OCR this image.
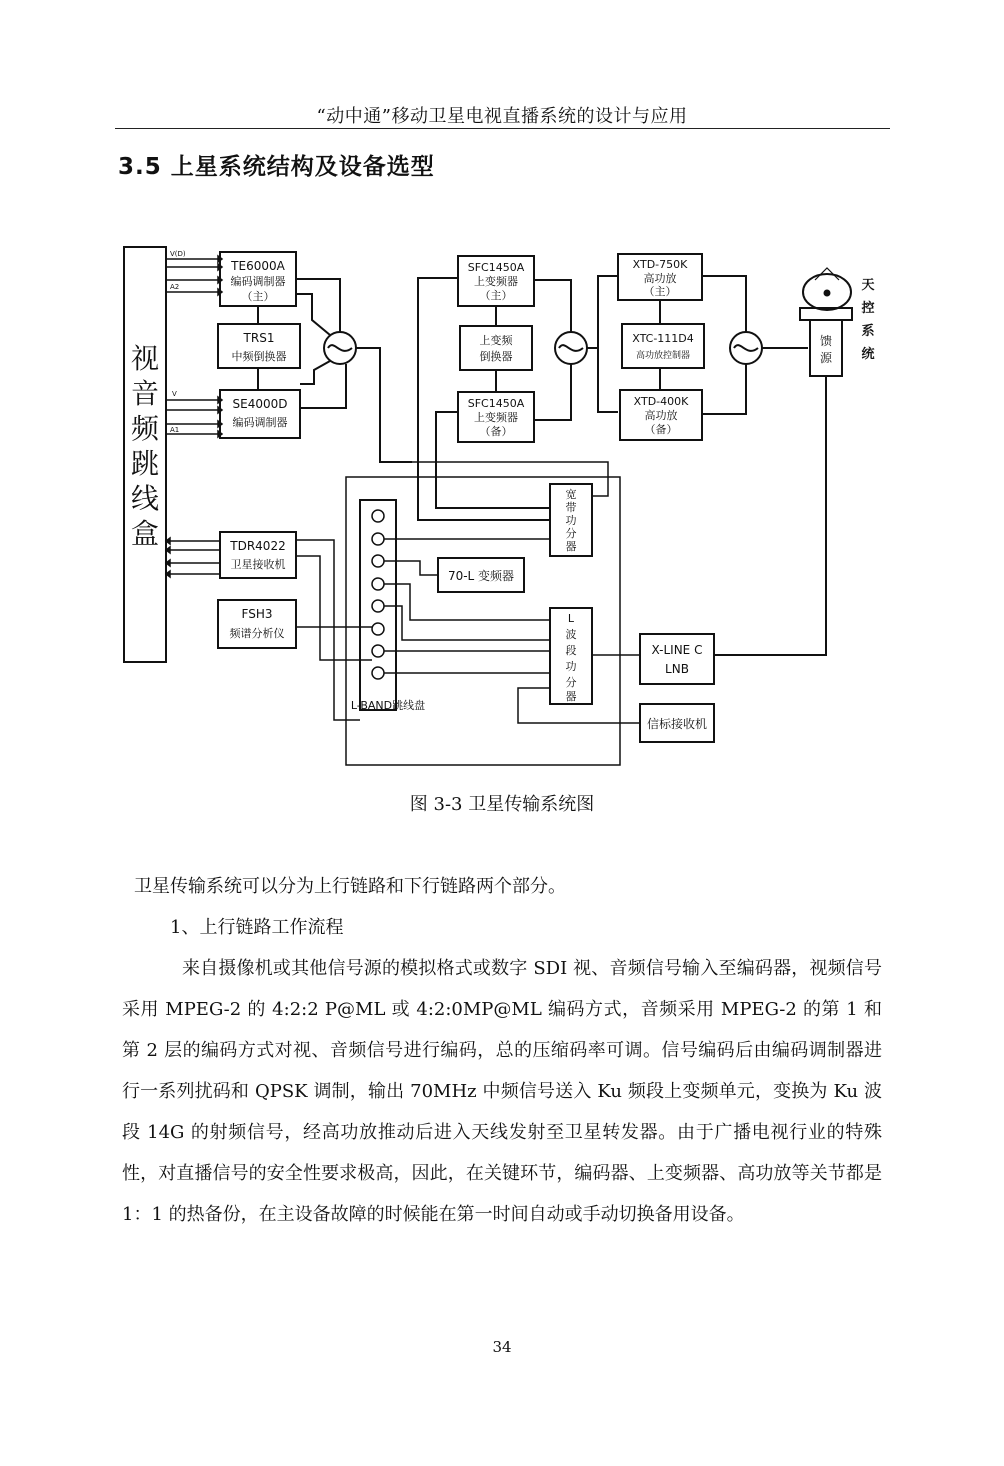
“动中通”移动卫星电视直播系统的设计与应用
3.5 上星系统结构及设备选型
视
音
频
跳
线
盒
V(D)
A2
V
A1
TE6000A
编码调制器
（主）
TRS1
中频倒换器
SE4000D
编码调制器
SFC1450A
上变频器
（主）
上变频
倒换器
SFC1450A
上变频器
（备）
XTD-750K
高功放
（主）
XTC-111D4
高功放控制器
XTD-400K
高功放
（备）
馈
源
天
控
系
统
L-BAND跳线盘
宽
带
功
分
器
70-L 变频器
L
波
段
功
分
器
TDR4022
卫星接收机
FSH3
频谱分析仪
X-LINE C
LNB
信标接收机
图 3-3 卫星传输系统图
卫星传输系统可以分为上行链路和下行链路两个部分。
1、上行链路工作流程
来自摄像机或其他信号源的模拟格式或数字 SDI 视、音频信号输入至编码器，视频信号采用 MPEG-2 的 4:2:2 P@ML 或 4:2:0MP@ML 编码方式，音频采用 MPEG-2 的第 1 和第 2 层的编码方式对视、音频信号进行编码，总的压缩码率可调。信号编码后由编码调制器进行一系列扰码和 QPSK 调制，输出 70MHz 中频信号送入 Ku 频段上变频单元，变换为 Ku 波段 14G 的射频信号，经高功放推动后进入天线发射至卫星转发器。由于广播电视行业的特殊性，对直播信号的安全性要求极高，因此，在关键环节，编码器、上变频器、高功放等关节都是 1：1 的热备份，在主设备故障的时候能在第一时间自动或手动切换备用设备。
34
